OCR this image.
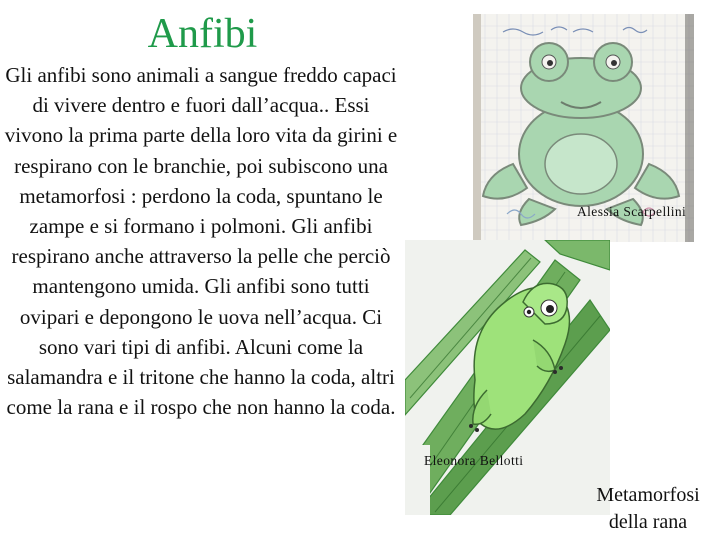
Anfibi

Gli anfibi sono animali a sangue freddo capaci di vivere dentro e fuori dall’acqua.. Essi vivono la prima parte della loro vita da girini e respirano con le branchie, poi subiscono una metamorfosi : perdono la coda, spuntano le zampe e si formano i polmoni. Gli anfibi respirano anche attraverso la pelle che perciò mantengono umida. Gli anfibi sono tutti ovipari e depongono le uova nell’acqua. Ci sono vari tipi di anfibi. Alcuni come la salamandra e il tritone che hanno la coda, altri come la rana e il rospo che non hanno la coda.

Alessia Scarpellini
Eleonora Bellotti
Metamorfosi della rana
